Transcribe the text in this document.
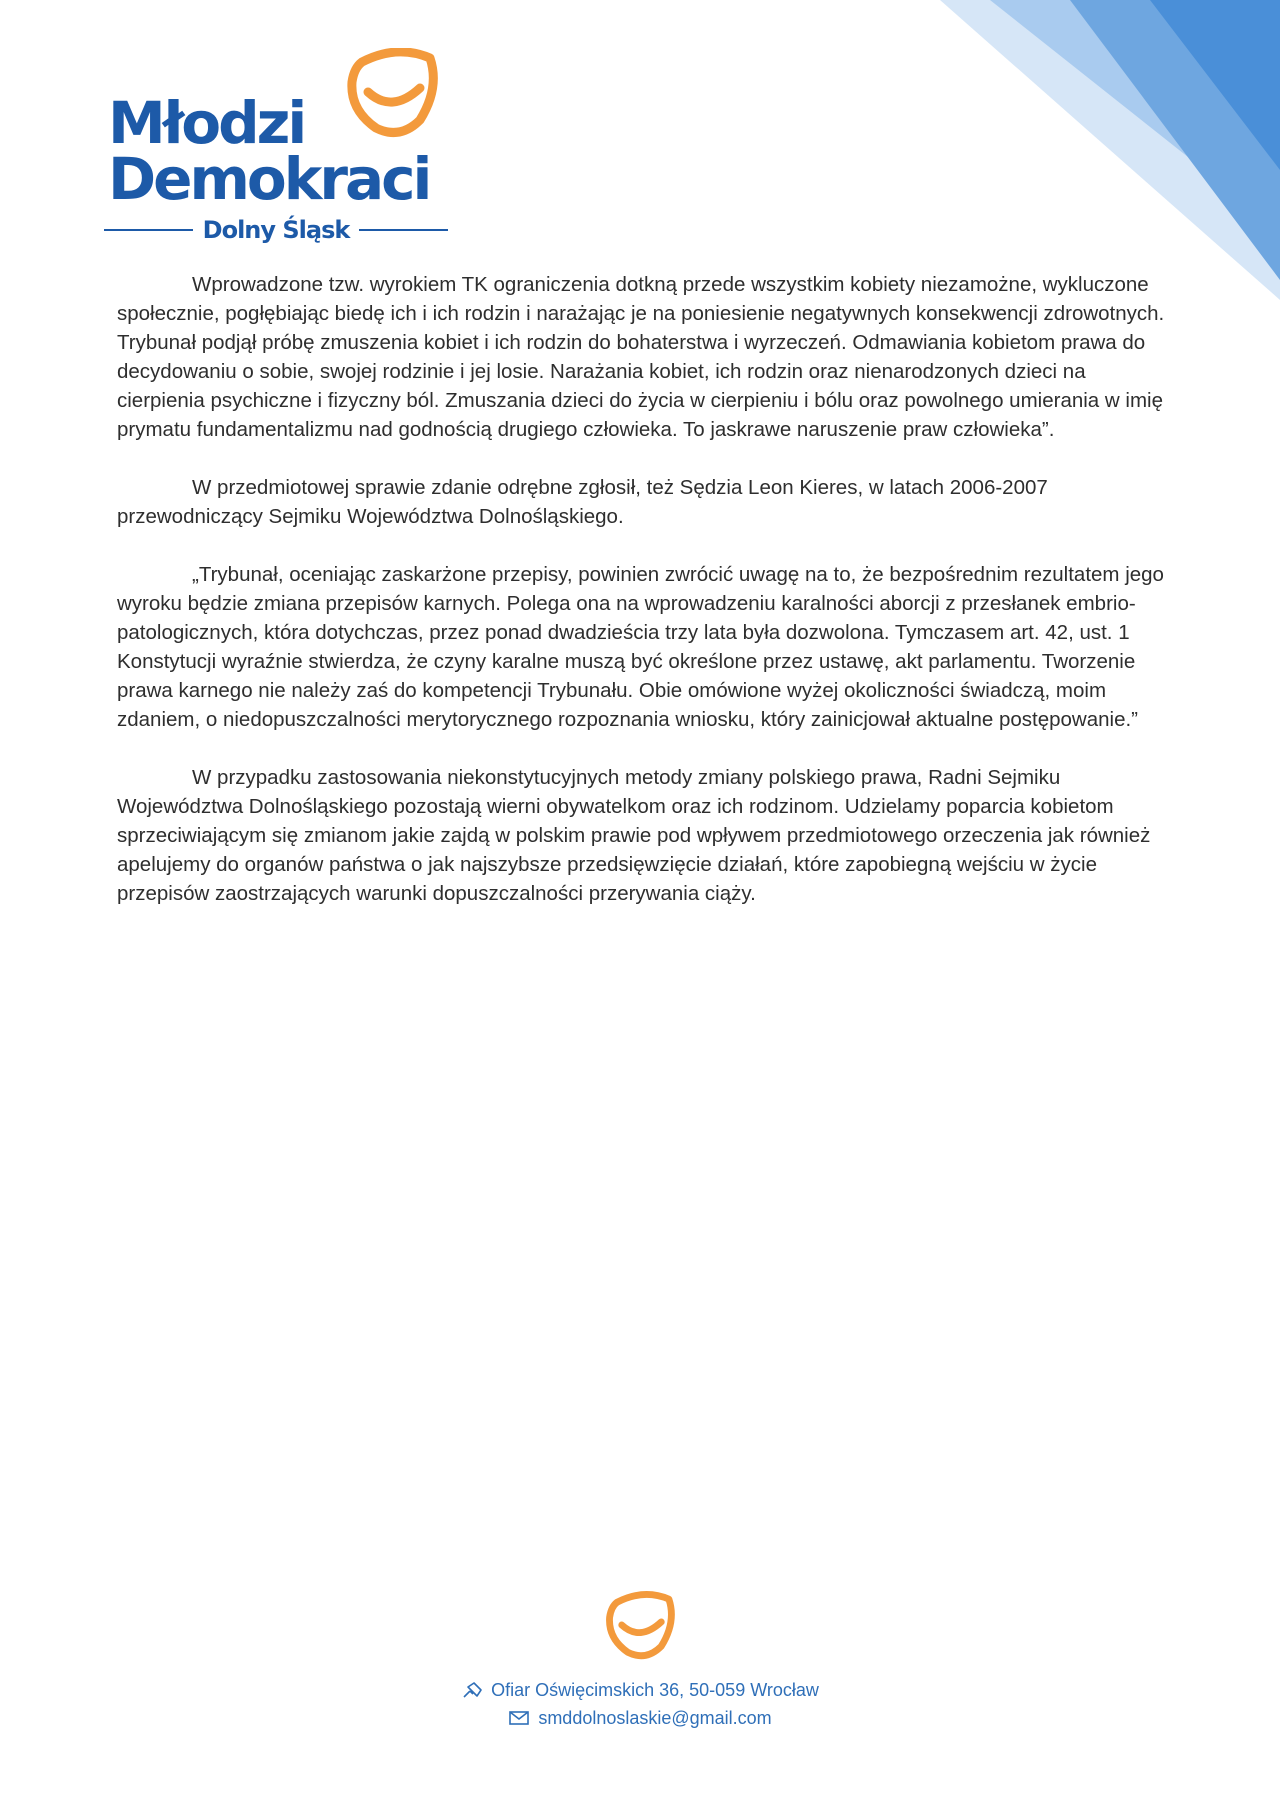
Młodzi
Demokraci
Dolny Śląsk

Wprowadzone tzw. wyrokiem TK ograniczenia dotkną przede wszystkim kobiety niezamożne, wykluczone społecznie, pogłębiając biedę ich i ich rodzin i narażając je na poniesienie negatywnych konsekwencji zdrowotnych. Trybunał podjął próbę zmuszenia kobiet i ich rodzin do bohaterstwa i wyrzeczeń. Odmawiania kobietom prawa do decydowaniu o sobie, swojej rodzinie i jej losie. Narażania kobiet, ich rodzin oraz nienarodzonych dzieci na cierpienia psychiczne i fizyczny ból. Zmuszania dzieci do życia w cierpieniu i bólu oraz powolnego umierania w imię prymatu fundamentalizmu nad godnością drugiego człowieka. To jaskrawe naruszenie praw człowieka”.

W przedmiotowej sprawie zdanie odrębne zgłosił, też Sędzia Leon Kieres, w latach 2006-2007 przewodniczący Sejmiku Województwa Dolnośląskiego.

„Trybunał, oceniając zaskarżone przepisy, powinien zwrócić uwagę na to, że bezpośrednim rezultatem jego wyroku będzie zmiana przepisów karnych. Polega ona na wprowadzeniu karalności aborcji z przesłanek embrio-patologicznych, która dotychczas, przez ponad dwadzieścia trzy lata była dozwolona. Tymczasem art. 42, ust. 1 Konstytucji wyraźnie stwierdza, że czyny karalne muszą być określone przez ustawę, akt parlamentu. Tworzenie prawa karnego nie należy zaś do kompetencji Trybunału. Obie omówione wyżej okoliczności świadczą, moim zdaniem, o niedopuszczalności merytorycznego rozpoznania wniosku, który zainicjował aktualne postępowanie.”

W przypadku zastosowania niekonstytucyjnych metody zmiany polskiego prawa, Radni Sejmiku Województwa Dolnośląskiego pozostają wierni obywatelkom oraz ich rodzinom. Udzielamy poparcia kobietom sprzeciwiającym się zmianom jakie zajdą w polskim prawie pod wpływem przedmiotowego orzeczenia jak również apelujemy do organów państwa o jak najszybsze przedsięwzięcie działań, które zapobiegną wejściu w życie przepisów zaostrzających warunki dopuszczalności przerywania ciąży.

Ofiar Oświęcimskich 36, 50-059 Wrocław
smddolnoslaskie@gmail.com
